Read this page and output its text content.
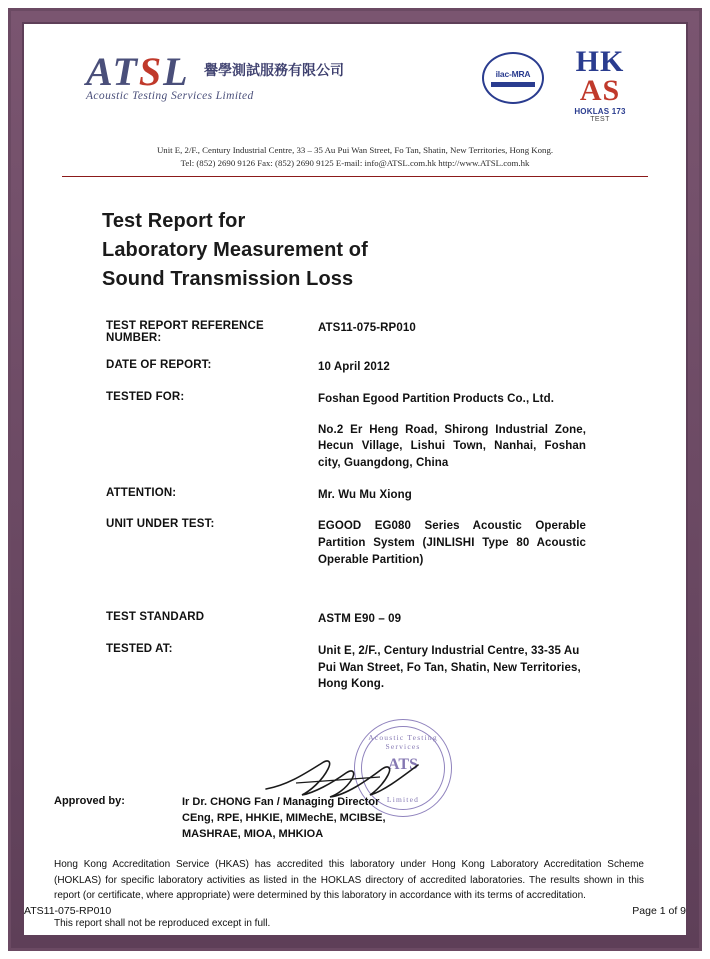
ATSL
Acoustic Testing Services Limited
譽學測試服務有限公司	ilac-MRA	HK
AS
HOKLAS 173
TEST
Unit E, 2/F., Century Industrial Centre, 33 – 35 Au Pui Wan Street, Fo Tan, Shatin, New Territories, Hong Kong.
Tel: (852) 2690 9126 Fax: (852) 2690 9125 E-mail: info@ATSL.com.hk http://www.ATSL.com.hk
Test Report for
Laboratory Measurement of
Sound Transmission Loss
TEST REPORT REFERENCE NUMBER:
ATS11-075-RP010
DATE OF REPORT:	10 April 2012
TESTED FOR:	Foshan Egood Partition Products Co., Ltd.
No.2 Er Heng Road, Shirong Industrial Zone, Hecun Village, Lishui Town, Nanhai, Foshan city, Guangdong, China
ATTENTION:	Mr. Wu Mu Xiong
UNIT UNDER TEST:	EGOOD EG080 Series Acoustic Operable Partition System (JINLISHI Type 80 Acoustic Operable Partition)
TEST STANDARD	ASTM E90 – 09
TESTED AT:	Unit E, 2/F., Century Industrial Centre, 33-35 Au Pui Wan Street, Fo Tan, Shatin, New Territories, Hong Kong.
Acoustic Testing Services
ATS
Limited
Approved by:	Ir Dr. CHONG Fan / Managing Director
CEng, RPE, HHKIE, MIMechE, MCIBSE,
MASHRAE, MIOA, MHKIOA
Hong Kong Accreditation Service (HKAS) has accredited this laboratory under Hong Kong Laboratory Accreditation Scheme (HOKLAS) for specific laboratory activities as listed in the HOKLAS directory of accredited laboratories. The results shown in this report (or certificate, where appropriate) were determined by this laboratory in accordance with its terms of accreditation.
This report shall not be reproduced except in full.
ATS11-075-RP010	Page 1 of 9
